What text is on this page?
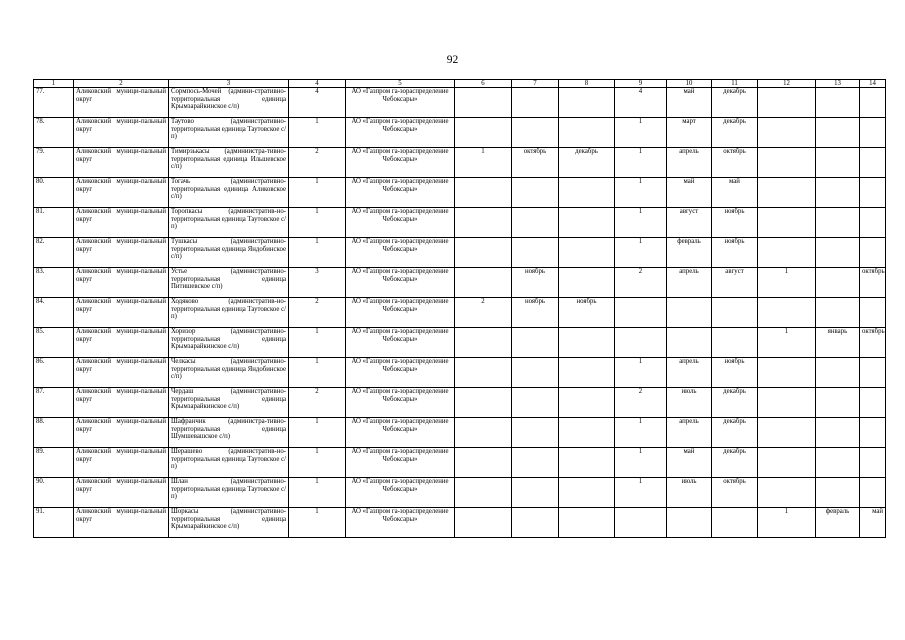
92
1	2	3	4	5	6	7	8	9	10	11	12	13	14
77.	Аликовский муници-пальный округ	Сормпось-Мочей (админи-стративно-территориальная единица Крымзарайкинское с/п)	4	АО «Газпром га-зораспределение Чебоксары»				4	май	декабрь			
78.	Аликовский муници-пальный округ	Таутово (административно-территориальная единица Таутовское с/п)	1	АО «Газпром га-зораспределение Чебоксары»				1	март	декабрь			
79.	Аликовский муници-пальный округ	Тимирзькасы (админиистра-тивно-территориальная единица Ильшевское с/п)	2	АО «Газпром га-зораспределение Чебоксары»	1	октябрь	декабрь	1	апрель	октябрь			
80.	Аликовский муници-пальный округ	Тогачь (административно-территориальная единица Аликовское с/п)	1	АО «Газпром га-зораспределение Чебоксары»				1	май	май			
81.	Аликовский муници-пальный округ	Торопкасы (административ-но-территориальная единица Таутовское с/п)	1	АО «Газпром га-зораспределение Чебоксары»				1	август	ноябрь			
82.	Аликовский муници-пальный округ	Тушкасы (административно-территориальная единица Яндобинское с/п)	1	АО «Газпром га-зораспределение Чебоксары»				1	февраль	ноябрь			
83.	Аликовский муници-пальный округ	Устье (административно-территориальная единица Питишевское с/п)	3	АО «Газпром га-зораспределение Чебоксары»		ноябрь		2	апрель	август	1		октябрь
84.	Аликовский муници-пальный округ	Ходяково (административ-но-территориальная единица Таутовское с/п)	2	АО «Газпром га-зораспределение Чебоксары»	2	ноябрь	ноябрь						
85.	Аликовский муници-пальный округ	Хоризор (административно-территориальная единица Крымзарайкинское с/п)	1	АО «Газпром га-зораспределение Чебоксары»							1	январь	октябрь
86.	Аликовский муници-пальный округ	Челкасы (административно-территориальная единица Яндобинское с/п)	1	АО «Газпром га-зораспределение Чебоксары»				1	апрель	ноябрь			
87.	Аликовский муници-пальный округ	Чердаш (административно-территориальная единица Крымзарайкинское с/п)	2	АО «Газпром га-зораспределение Чебоксары»				2	июль	декабрь			
88.	Аликовский муници-пальный округ	Шафранчик (администра-тивно-территориальная единица Шумшевашское с/п)	1	АО «Газпром га-зораспределение Чебоксары»				1	апрель	декабрь			
89.	Аликовский муници-пальный округ	Шерашево (административ-но-территориальная единица Таутовское с/п)	1	АО «Газпром га-зораспределение Чебоксары»				1	май	декабрь			
90.	Аликовский муници-пальный округ	Шлан (административно-территориальная единица Таутовское с/п)	1	АО «Газпром га-зораспределение Чебоксары»				1	июль	октябрь			
91.	Аликовский муници-пальный округ	Шоркасы (административно-территориальная единица Крымзарайкинское с/п)	1	АО «Газпром га-зораспределение Чебоксары»							1	февраль	май
